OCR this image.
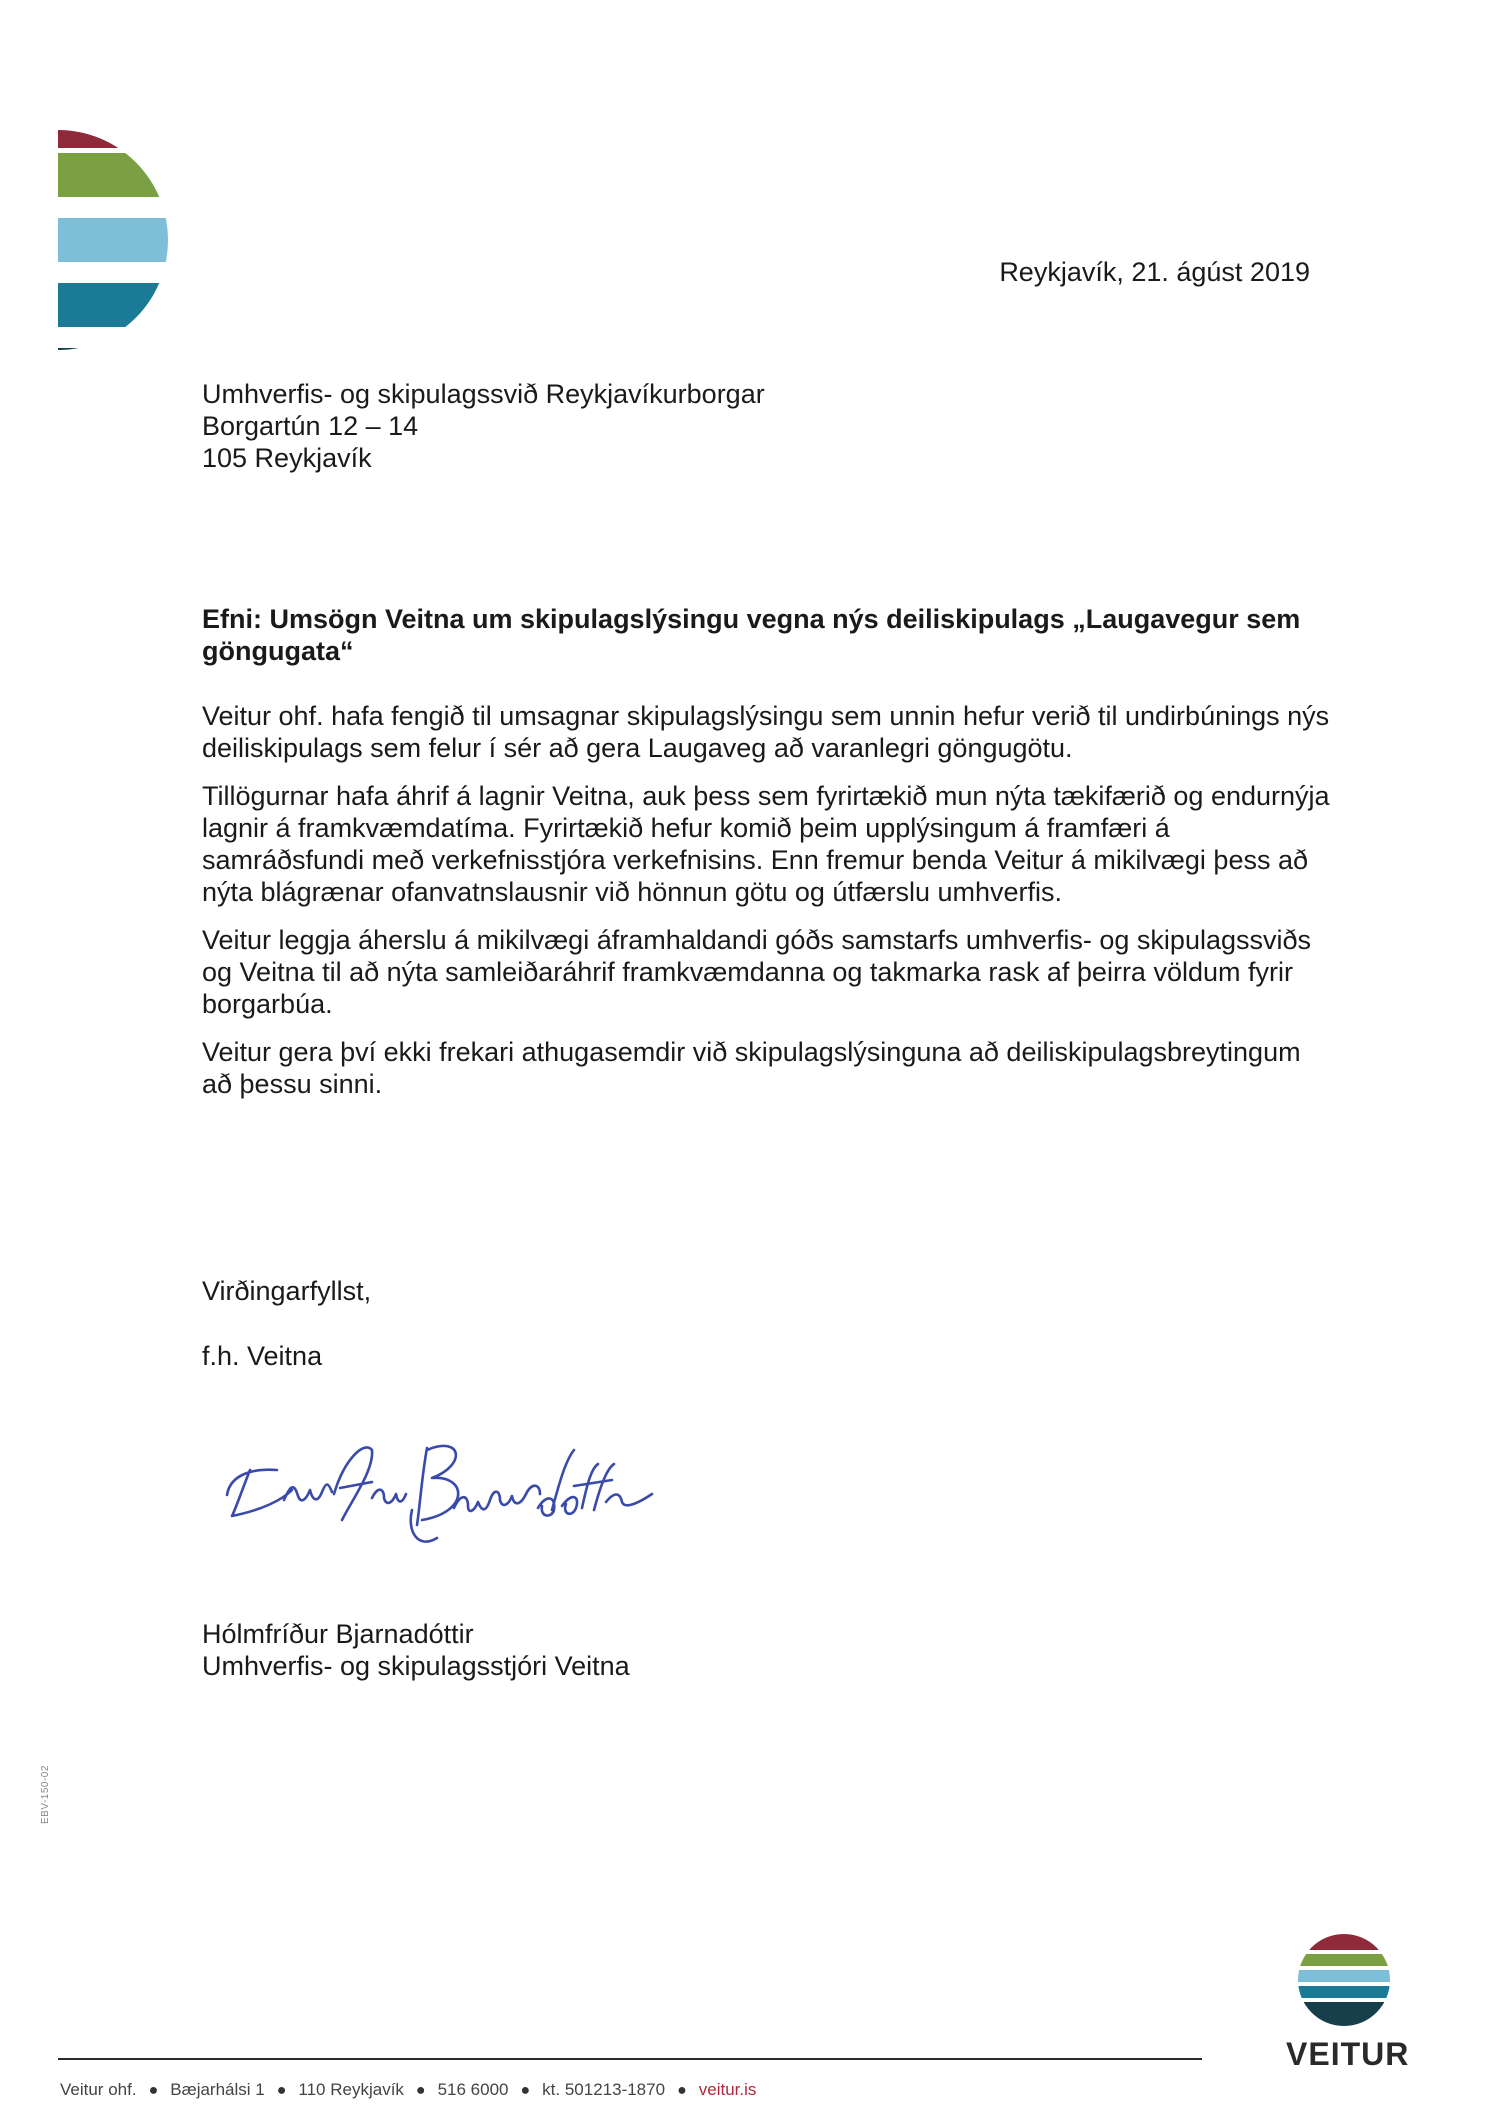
Reykjavík, 21. ágúst 2019
Umhverfis- og skipulagssvið Reykjavíkurborgar
Borgartún 12 – 14
105 Reykjavík
Efni: Umsögn Veitna um skipulagslýsingu vegna nýs deiliskipulags „Laugavegur sem göngugata“

Veitur ohf. hafa fengið til umsagnar skipulagslýsingu sem unnin hefur verið til undirbúnings nýs deiliskipulags sem felur í sér að gera Laugaveg að varanlegri göngugötu.

Tillögurnar hafa áhrif á lagnir Veitna, auk þess sem fyrirtækið mun nýta tækifærið og endurnýja lagnir á framkvæmdatíma. Fyrirtækið hefur komið þeim upplýsingum á framfæri á samráðsfundi með verkefnisstjóra verkefnisins. Enn fremur benda Veitur á mikilvægi þess að nýta blágrænar ofanvatnslausnir við hönnun götu og útfærslu umhverfis.

Veitur leggja áherslu á mikilvægi áframhaldandi góðs samstarfs umhverfis- og skipulagssviðs og Veitna til að nýta samleiðaráhrif framkvæmdanna og takmarka rask af þeirra völdum fyrir borgarbúa.

Veitur gera því ekki frekari athugasemdir við skipulagslýsinguna að deiliskipulagsbreytingum að þessu sinni.

Virðingarfyllst,
f.h. Veitna
Hólmfríður Bjarnadóttir
Umhverfis- og skipulagsstjóri Veitna
EBV-150-02
VEITUR
Veitur ohf. ● Bæjarhálsi 1 ● 110 Reykjavík ● 516 6000 ● kt. 501213-1870 ● veitur.is
